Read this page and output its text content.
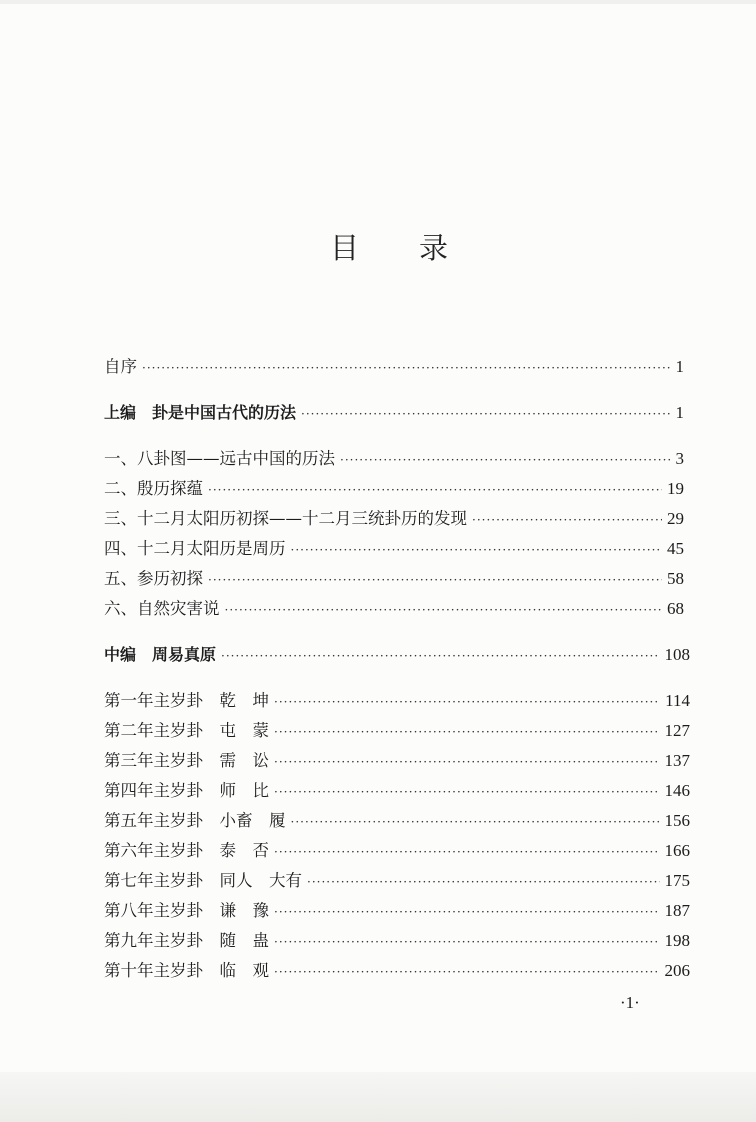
目录
自序 ·····	1
上编　卦是中国古代的历法 ·····	1
一、八卦图——远古中国的历法 ·····	3
二、殷历探蕴 ·····	19
三、十二月太阳历初探——十二月三统卦历的发现 ·····	29
四、十二月太阳历是周历 ·····	45
五、参历初探 ·····	58
六、自然灾害说 ·····	68
中编　周易真原 ·····	108
第一年主岁卦　乾　坤 ·····	114
第二年主岁卦　屯　蒙 ·····	127
第三年主岁卦　需　讼 ·····	137
第四年主岁卦　师　比 ·····	146
第五年主岁卦　小畜　履 ·····	156
第六年主岁卦　泰　否 ·····	166
第七年主岁卦　同人　大有 ·····	175
第八年主岁卦　谦　豫 ·····	187
第九年主岁卦　随　蛊 ·····	198
第十年主岁卦　临　观 ·····	206
·1·
